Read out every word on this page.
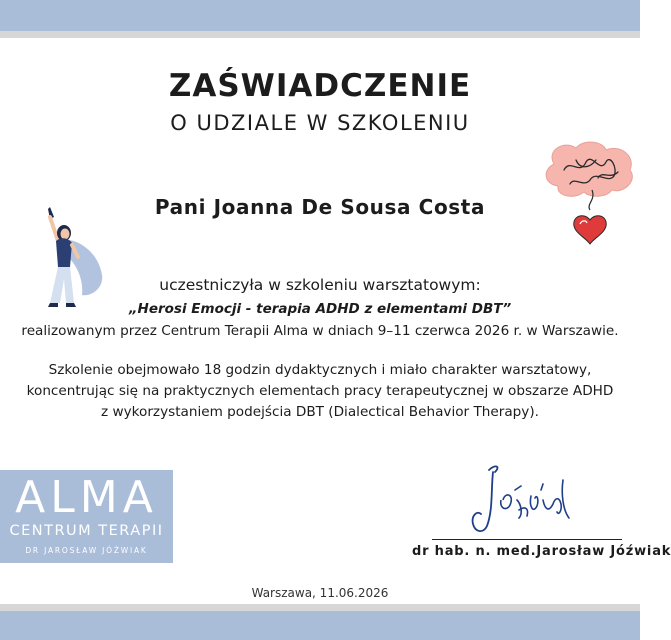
ZAŚWIADCZENIE
O UDZIALE W SZKOLENIU
Pani Joanna De Sousa Costa
uczestniczyła w szkoleniu warsztatowym:
„Herosi Emocji - terapia ADHD z elementami DBT”
realizowanym przez Centrum Terapii Alma w dniach 9–11 czerwca 2026 r. w Warszawie.
Szkolenie obejmowało 18 godzin dydaktycznych i miało charakter warsztatowy,
koncentrując się na praktycznych elementach pracy terapeutycznej w obszarze ADHD
z wykorzystaniem podejścia DBT (Dialectical Behavior Therapy).
ALMA
CENTRUM TERAPII
DR JAROSŁAW JÓŹWIAK	dr hab. n. med.Jarosław Jóźwiak
Warszawa, 11.06.2026
